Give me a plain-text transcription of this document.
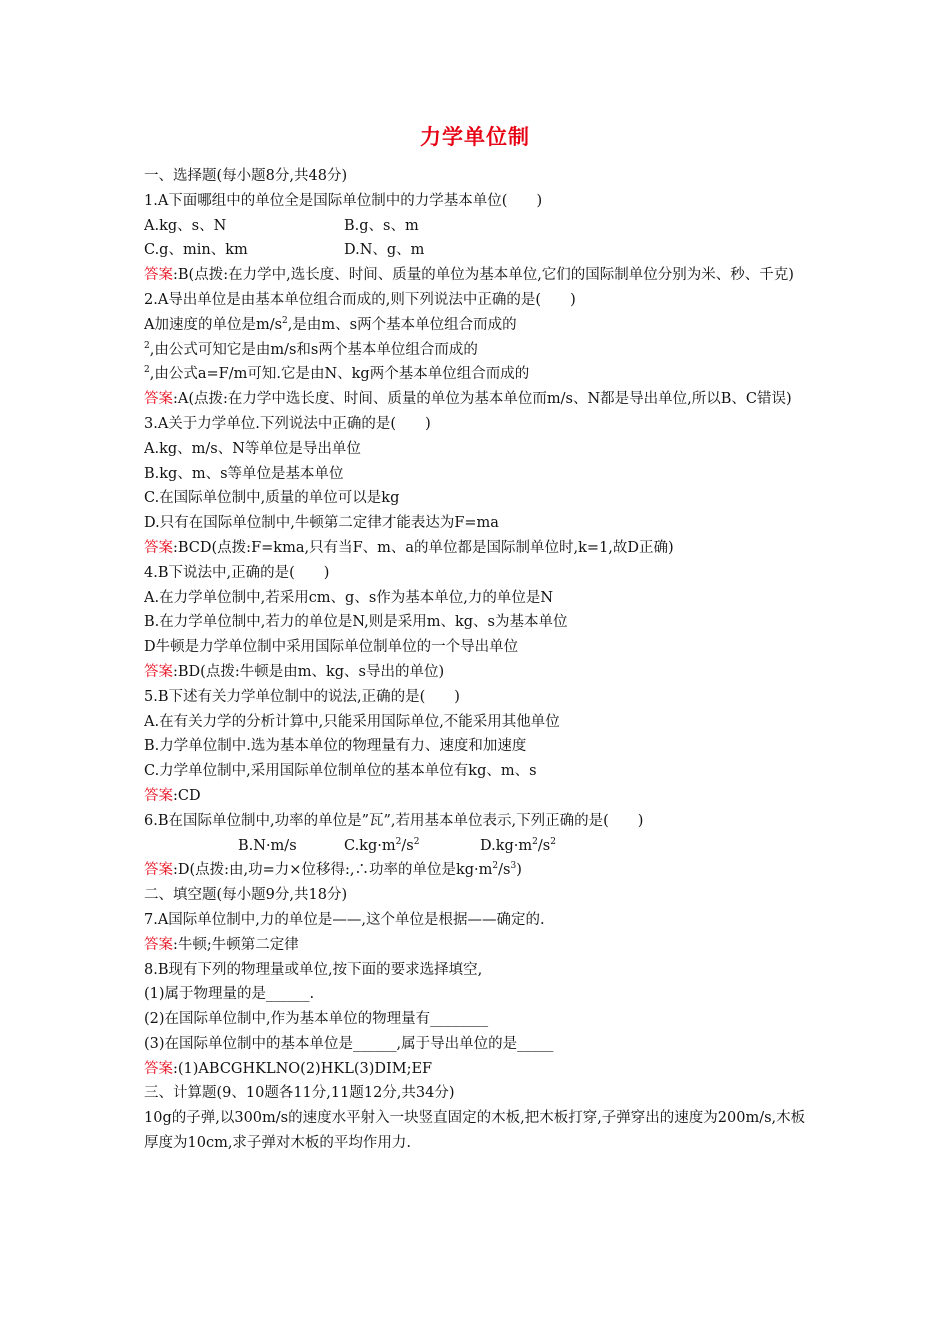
力学单位制
一、选择题(每小题8分,共48分)
1.A下面哪组中的单位全是国际单位制中的力学基本单位(　　)
A.kg、s、N	B.g、s、m
C.g、min、km	D.N、g、m
答案:B(点拨:在力学中,选长度、时间、质量的单位为基本单位,它们的国际制单位分别为米、秒、千克)
2.A导出单位是由基本单位组合而成的,则下列说法中正确的是(　　)
A加速度的单位是$m/s^2$,是由m、s两个基本单位组合而成的
$^2$,由公式可知它是由m/s和s两个基本单位组合而成的
$^2$,由公式a=F/m可知.它是由N、kg两个基本单位组合而成的
答案:A(点拨:在力学中选长度、时间、质量的单位为基本单位而m/s、N都是导出单位,所以B、C错误)
3.A关于力学单位.下列说法中正确的是(　　)
A.kg、m/s、N等单位是导出单位
B.kg、m、s等单位是基本单位
C.在国际单位制中,质量的单位可以是kg
D.只有在国际单位制中,牛顿第二定律才能表达为F=ma
答案:BCD(点拨:F=kma,只有当F、m、a的单位都是国际制单位时,k=1,故D正确)
4.B下说法中,正确的是(　　)
A.在力学单位制中,若采用cm、g、s作为基本单位,力的单位是N
B.在力学单位制中,若力的单位是N,则是采用m、kg、s为基本单位
D牛顿是力学单位制中采用国际单位制单位的一个导出单位
答案:BD(点拨:牛顿是由m、kg、s导出的单位)
5.B下述有关力学单位制中的说法,正确的是(　　)
A.在有关力学的分析计算中,只能采用国际单位,不能采用其他单位
B.力学单位制中.选为基本单位的物理量有力、速度和加速度
C.力学单位制中,采用国际单位制单位的基本单位有kg、m、s
答案:CD
6.B在国际单位制中,功率的单位是”瓦”,若用基本单位表示,下列正确的是(　　)
B.N·m/s	$C.kg\cdot m^2/s^2$	$D.kg\cdot m^2/s^2$
答案:D(点拨:由,功=力×位移得:,∴功率的单位是$kg\cdot m^2/s^3$)
二、填空题(每小题9分,共18分)
7.A国际单位制中,力的单位是——,这个单位是根据——确定的.
答案:牛顿;牛顿第二定律
8.B现有下列的物理量或单位,按下面的要求选择填空,
(1)属于物理量的是______.
(2)在国际单位制中,作为基本单位的物理量有________
(3)在国际单位制中的基本单位是______,属于导出单位的是_____
答案:(1)ABCGHKLNO(2)HKL(3)DIM;EF
三、计算题(9、10题各11分,11题12分,共34分)
10g的子弹,以300m/s的速度水平射入一块竖直固定的木板,把木板打穿,子弹穿出的速度为200m/s,木板厚度为10cm,求子弹对木板的平均作用力.
